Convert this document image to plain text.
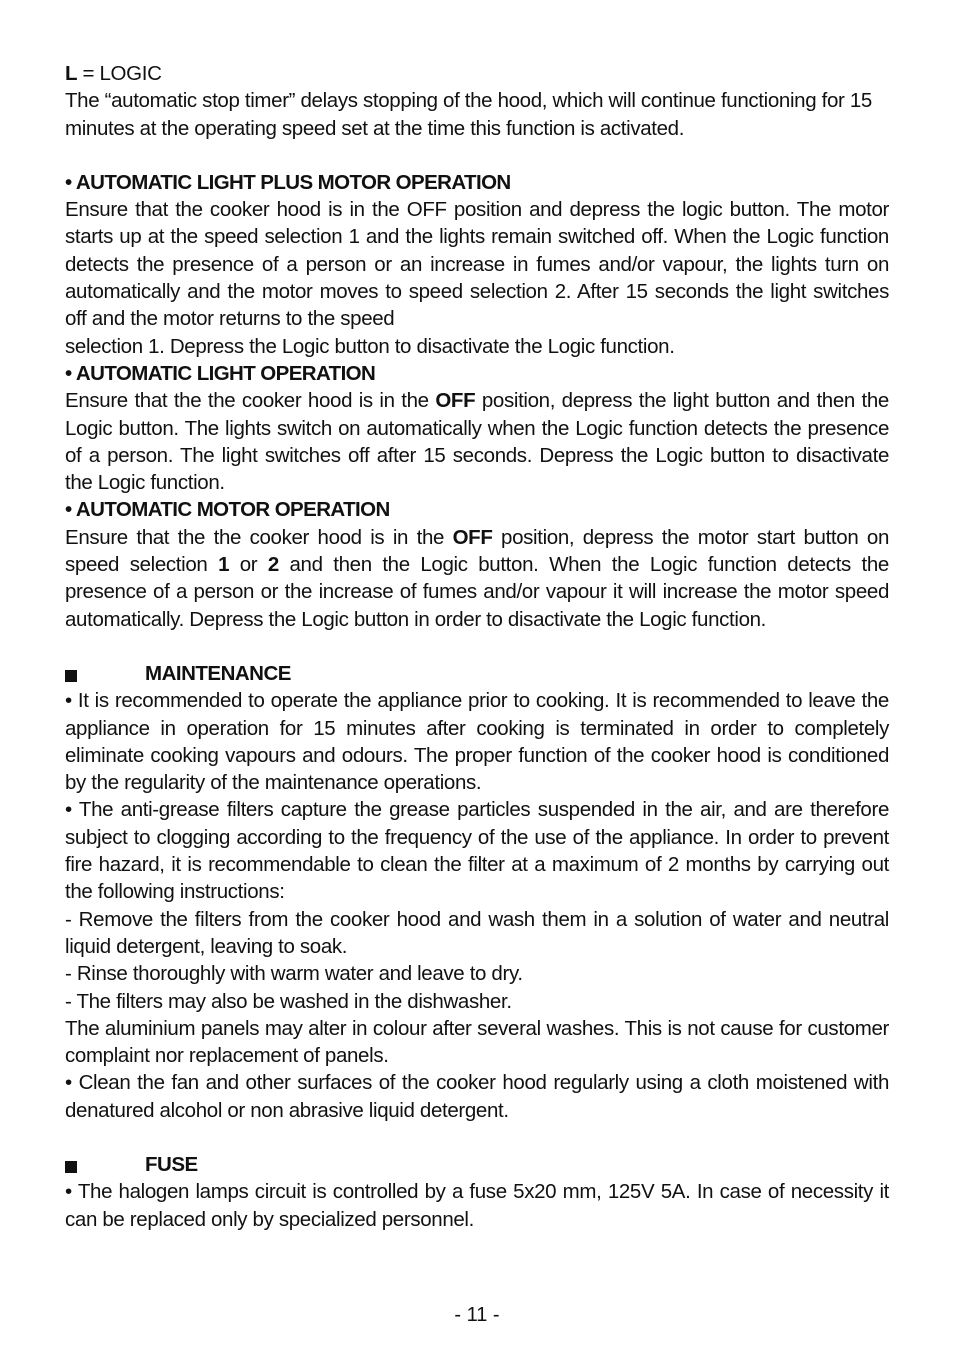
L = LOGIC

The “automatic stop timer” delays stopping of the hood, which will continue functioning for 15 minutes at the operating speed set at the time this function is activated.

• AUTOMATIC LIGHT PLUS MOTOR OPERATION

Ensure that the cooker hood is in the OFF position and depress the logic button. The motor starts up at the speed selection 1 and the lights remain switched off. When the Logic function detects the presence of a person or an increase in fumes and/or vapour, the lights turn on automatically and the motor moves to speed selection 2. After 15 seconds the light switches off and the motor returns to the speed

selection 1. Depress the Logic button to disactivate the Logic function.

• AUTOMATIC LIGHT OPERATION

Ensure that the the cooker hood is in the OFF position, depress the light button and then the Logic button. The lights switch on automatically when the Logic function detects the presence of a person. The light switches off after 15 seconds. Depress the Logic button to disactivate the Logic function.

• AUTOMATIC MOTOR OPERATION

Ensure that the the cooker hood is in the OFF position, depress the motor start button on speed selection 1 or 2 and then the Logic button. When the Logic function detects the presence of a person or the increase of fumes and/or vapour it will increase the motor speed automatically. Depress the Logic button in order to disactivate the Logic function.

MAINTENANCE

• It is recommended to operate the appliance prior to cooking. It is recommended to leave the appliance in operation for 15 minutes after cooking is terminated in order to completely eliminate cooking vapours and odours. The proper function of the cooker hood is conditioned by the regularity of the maintenance operations.

• The anti-grease filters capture the grease particles suspended in the air, and are therefore subject to clogging according to the frequency of the use of the appliance. In order to prevent fire hazard, it is recommendable to clean the filter at a maximum of 2 months by carrying out the following instructions:

- Remove the filters from the cooker hood and wash them in a solution of water and neutral liquid detergent, leaving to soak.

- Rinse thoroughly with warm water and leave to dry.

- The filters may also be washed in the dishwasher.

The aluminium panels may alter in colour after several washes. This is not cause for customer complaint nor replacement of panels.

• Clean the fan and other surfaces of the cooker hood regularly using a cloth moistened with denatured alcohol or non abrasive liquid detergent.

FUSE

• The halogen lamps circuit is controlled by a fuse 5x20 mm, 125V 5A. In case of necessity it can be replaced only by specialized personnel.

- 11 -
